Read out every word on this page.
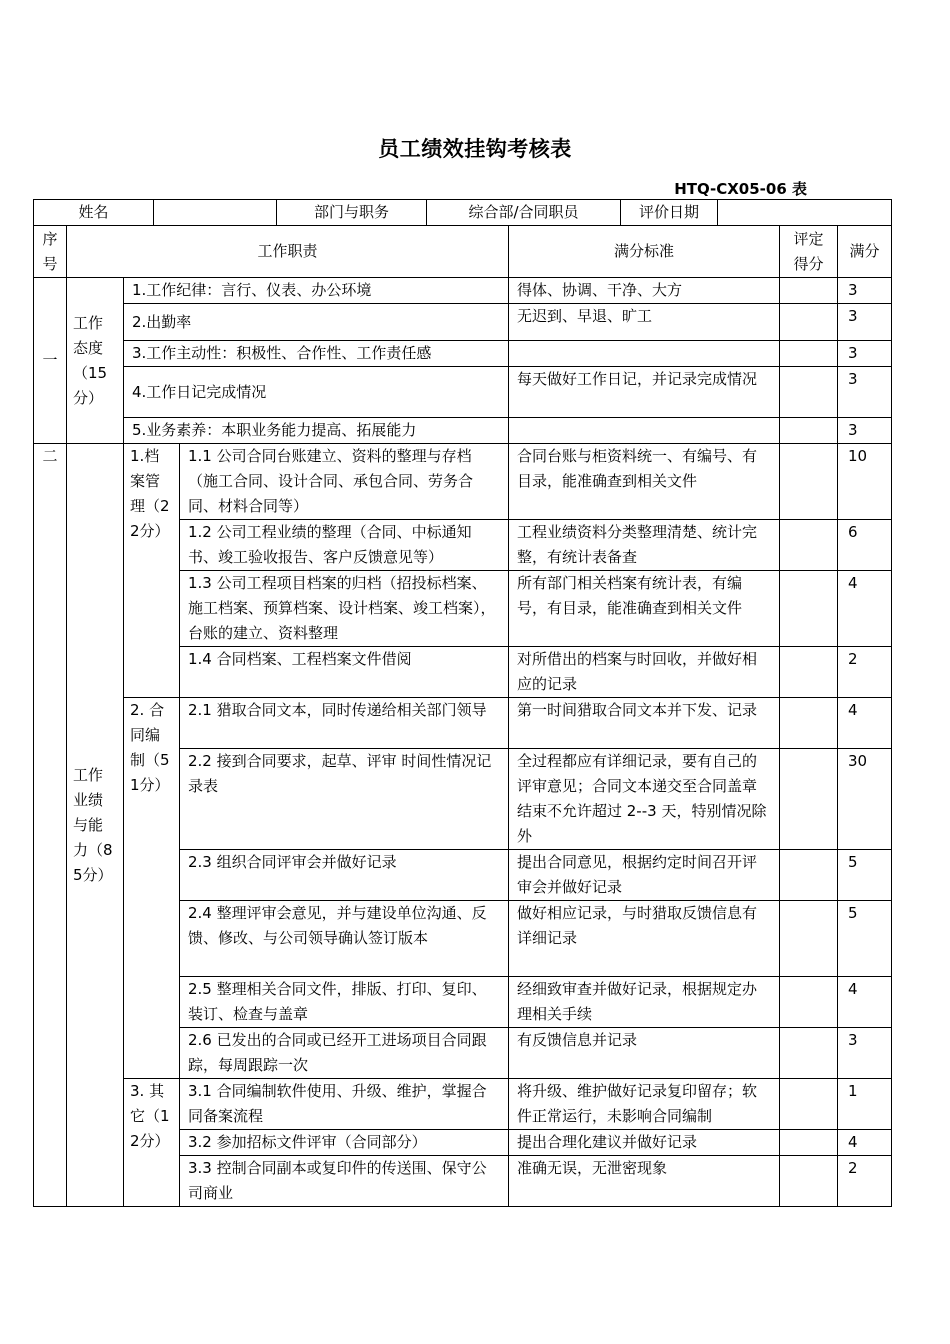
员工绩效挂钩考核表
HTQ-CX05-06 表
姓名 部门与职务 综合部/合同职员 评价日期						

序号	工作职责			满分标准	评定得分	满分
一	工作态度（15分）	1.工作纪律：言行、仪表、办公环境		得体、协调、干净、大方		3
		2.出勤率		无迟到、早退、旷工		3
		3.工作主动性：积极性、合作性、工作责任感				3
		4.工作日记完成情况		每天做好工作日记，并记录完成情况		3
		5.业务素养：本职业务能力提高、拓展能力				3
二	工作业绩与能力（85分）	1.档案管理（22分）	1.1 公司合同台账建立、资料的整理与存档（施工合同、设计合同、承包合同、劳务合同、材料合同等）	合同台账与柜资料统一、有编号、有目录，能准确查到相关文件		10
			1.2 公司工程业绩的整理（合同、中标通知书、竣工验收报告、客户反馈意见等）	工程业绩资料分类整理清楚、统计完整，有统计表备查		6
			1.3 公司工程项目档案的归档（招投标档案、施工档案、预算档案、设计档案、竣工档案），台账的建立、资料整理	所有部门相关档案有统计表，有编号，有目录，能准确查到相关文件		4
			1.4 合同档案、工程档案文件借阅	对所借出的档案与时回收，并做好相应的记录		2
		2. 合同编制（51分）	2.1 猎取合同文本，同时传递给相关部门领导	第一时间猎取合同文本并下发、记录		4
			2.2 接到合同要求，起草、评审 时间性情况记录表	全过程都应有详细记录，要有自己的评审意见；合同文本递交至合同盖章结束不允许超过 2--3 天，特别情况除外		30
			2.3 组织合同评审会并做好记录	提出合同意见，根据约定时间召开评审会并做好记录		5
			2.4 整理评审会意见，并与建设单位沟通、反馈、修改、与公司领导确认签订版本	做好相应记录，与时猎取反馈信息有详细记录		5
			2.5 整理相关合同文件，排版、打印、复印、装订、检查与盖章	经细致审查并做好记录，根据规定办理相关手续		4
			2.6 已发出的合同或已经开工进场项目合同跟踪，每周跟踪一次	有反馈信息并记录		3
		3. 其它（12分）	3.1 合同编制软件使用、升级、维护，掌握合同备案流程	将升级、维护做好记录复印留存；软件正常运行，未影响合同编制		1
			3.2 参加招标文件评审（合同部分）	提出合理化建议并做好记录		4
			3.3 控制合同副本或复印件的传送围、保守公司商业	准确无误，无泄密现象		2
